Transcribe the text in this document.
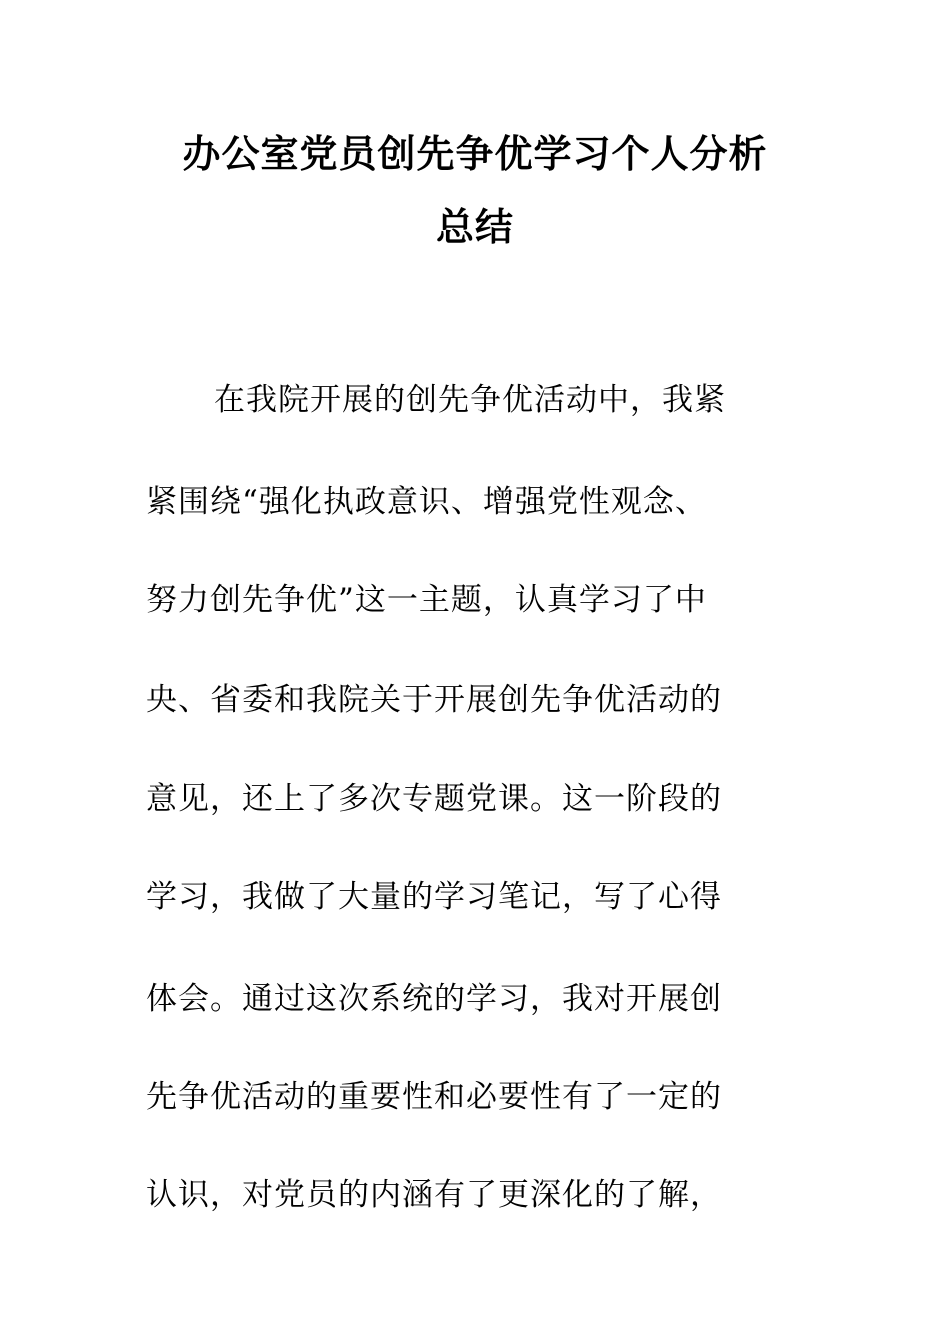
办公室党员创先争优学习个人分析
总结
在我院开展的创先争优活动中，我紧
紧围绕“强化执政意识、增强党性观念、
努力创先争优”这一主题，认真学习了中
央、省委和我院关于开展创先争优活动的
意见，还上了多次专题党课。这一阶段的
学习，我做了大量的学习笔记，写了心得
体会。通过这次系统的学习，我对开展创
先争优活动的重要性和必要性有了一定的
认识，对党员的内涵有了更深化的了解，
